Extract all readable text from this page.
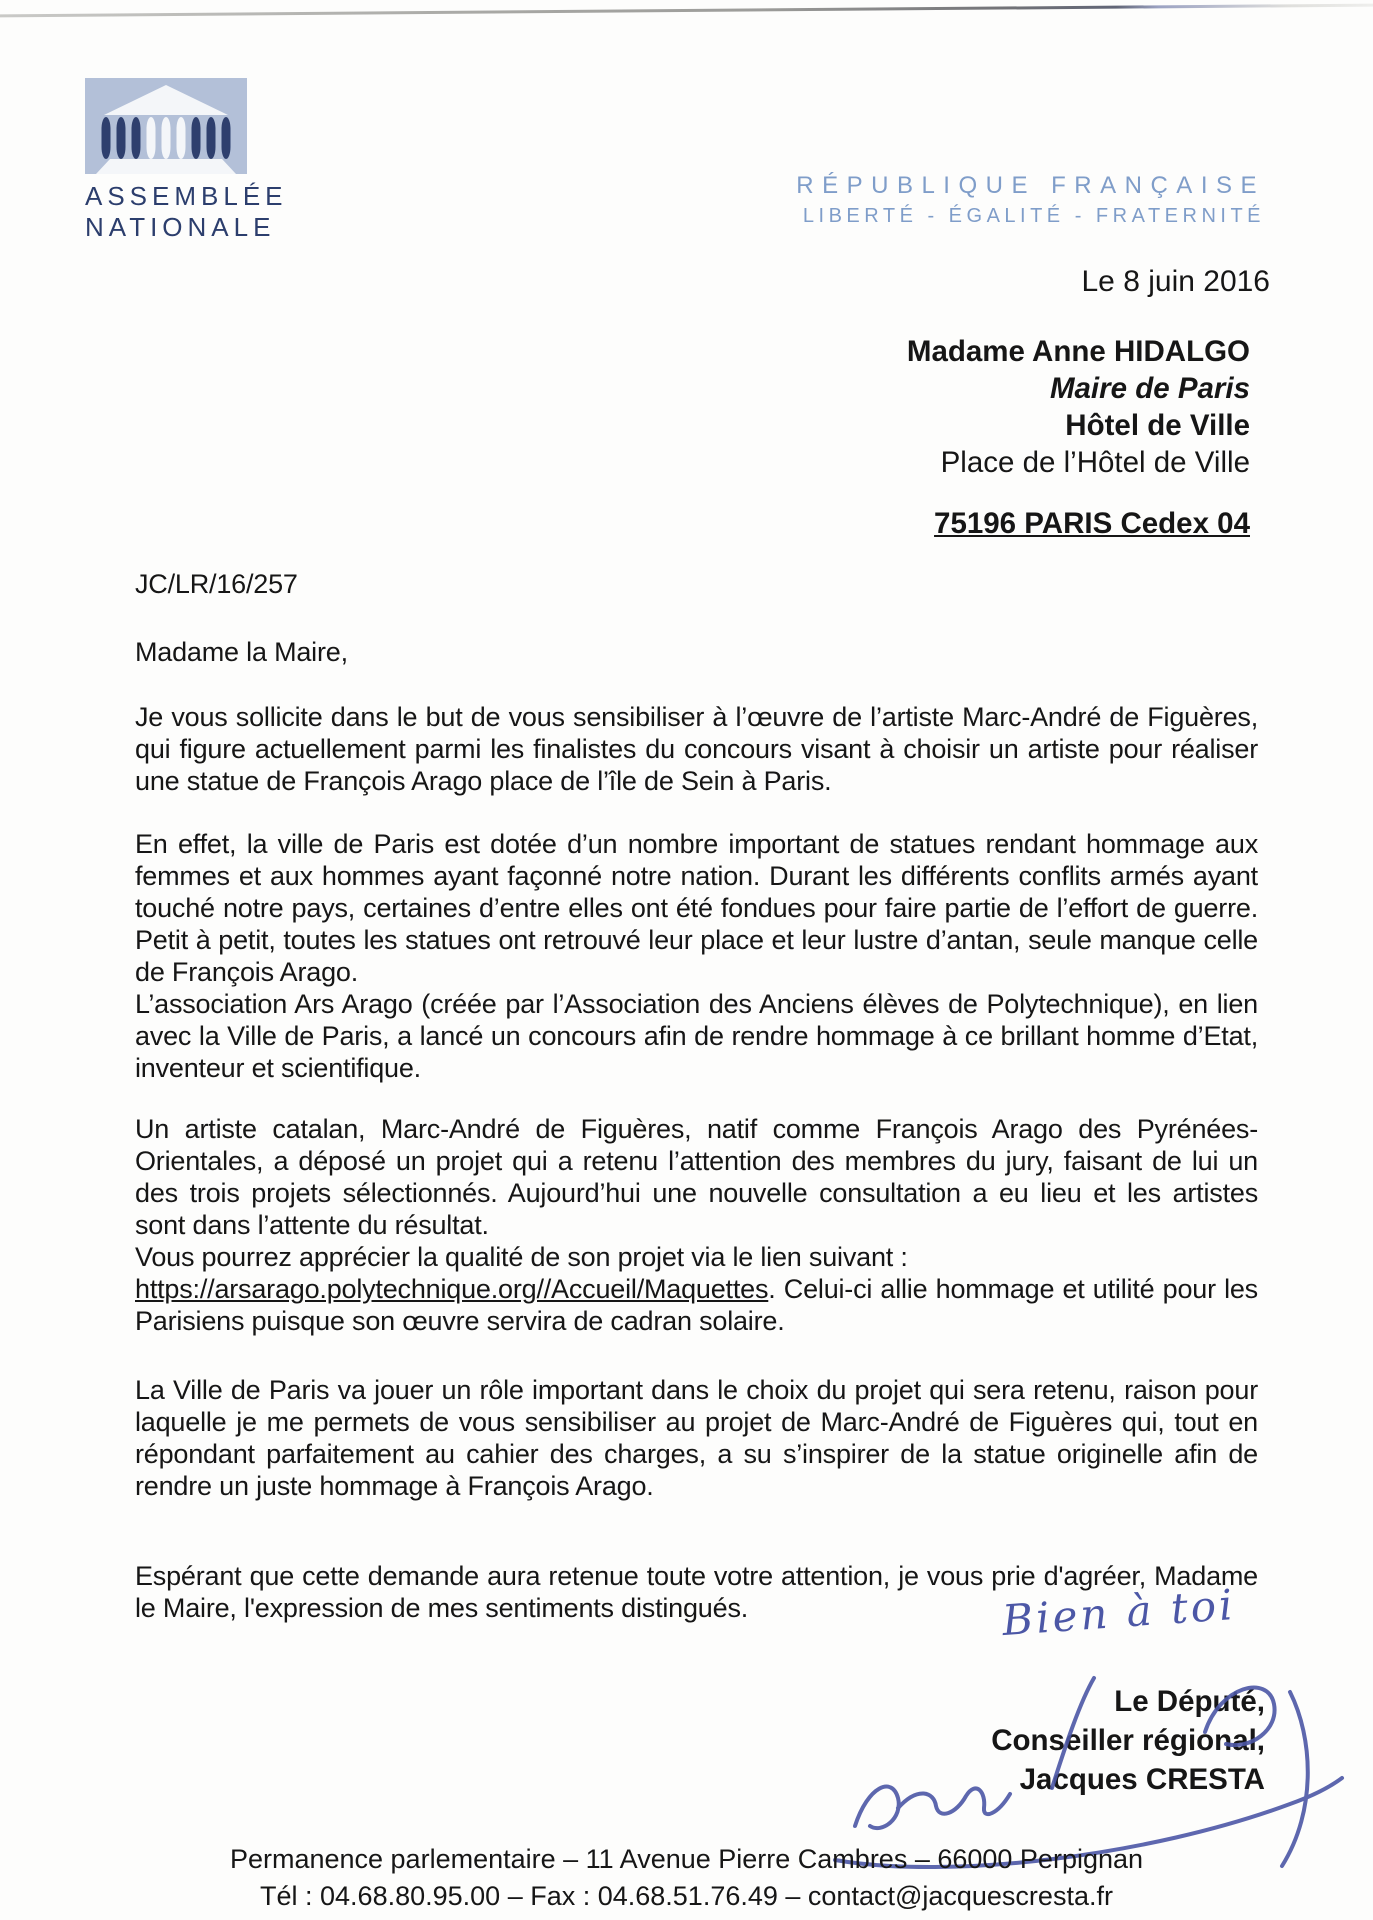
ASSEMBLÉE
NATIONALE
RÉPUBLIQUE FRANÇAISE
LIBERTÉ - ÉGALITÉ - FRATERNITÉ
Le 8 juin 2016
Madame Anne HIDALGO
Maire de Paris
Hôtel de Ville
Place de l’Hôtel de Ville
75196 PARIS Cedex 04

JC/LR/16/257

Madame la Maire,

Je vous sollicite dans le but de vous sensibiliser à l’œuvre de l’artiste Marc-André de Figuères, qui figure actuellement parmi les finalistes du concours visant à choisir un artiste pour réaliser une statue de François Arago place de l’île de Sein à Paris.

En effet, la ville de Paris est dotée d’un nombre important de statues rendant hommage aux femmes et aux hommes ayant façonné notre nation. Durant les différents conflits armés ayant touché notre pays, certaines d’entre elles ont été fondues pour faire partie de l’effort de guerre. Petit à petit, toutes les statues ont retrouvé leur place et leur lustre d’antan, seule manque celle de François Arago.

L’association Ars Arago (créée par l’Association des Anciens élèves de Polytechnique), en lien avec la Ville de Paris, a lancé un concours afin de rendre hommage à ce brillant homme d’Etat, inventeur et scientifique.

Un artiste catalan, Marc-André de Figuères, natif comme François Arago des Pyrénées-Orientales, a déposé un projet qui a retenu l’attention des membres du jury, faisant de lui un des trois projets sélectionnés. Aujourd’hui une nouvelle consultation a eu lieu et les artistes sont dans l’attente du résultat.

Vous pourrez apprécier la qualité de son projet via le lien suivant :

https://arsarago.polytechnique.org//Accueil/Maquettes. Celui-ci allie hommage et utilité pour les Parisiens puisque son œuvre servira de cadran solaire.

La Ville de Paris va jouer un rôle important dans le choix du projet qui sera retenu, raison pour laquelle je me permets de vous sensibiliser au projet de Marc-André de Figuères qui, tout en répondant parfaitement au cahier des charges, a su s’inspirer de la statue originelle afin de rendre un juste hommage à François Arago.

Espérant que cette demande aura retenue toute votre attention, je vous prie d'agréer, Madame le Maire, l'expression de mes sentiments distingués.	Bien à toi
Le Député,
Conseiller régional,
Jacques CRESTA
Permanence parlementaire – 11 Avenue Pierre Cambres – 66000 Perpignan
Tél : 04.68.80.95.00 – Fax : 04.68.51.76.49 – contact@jacquescresta.fr
